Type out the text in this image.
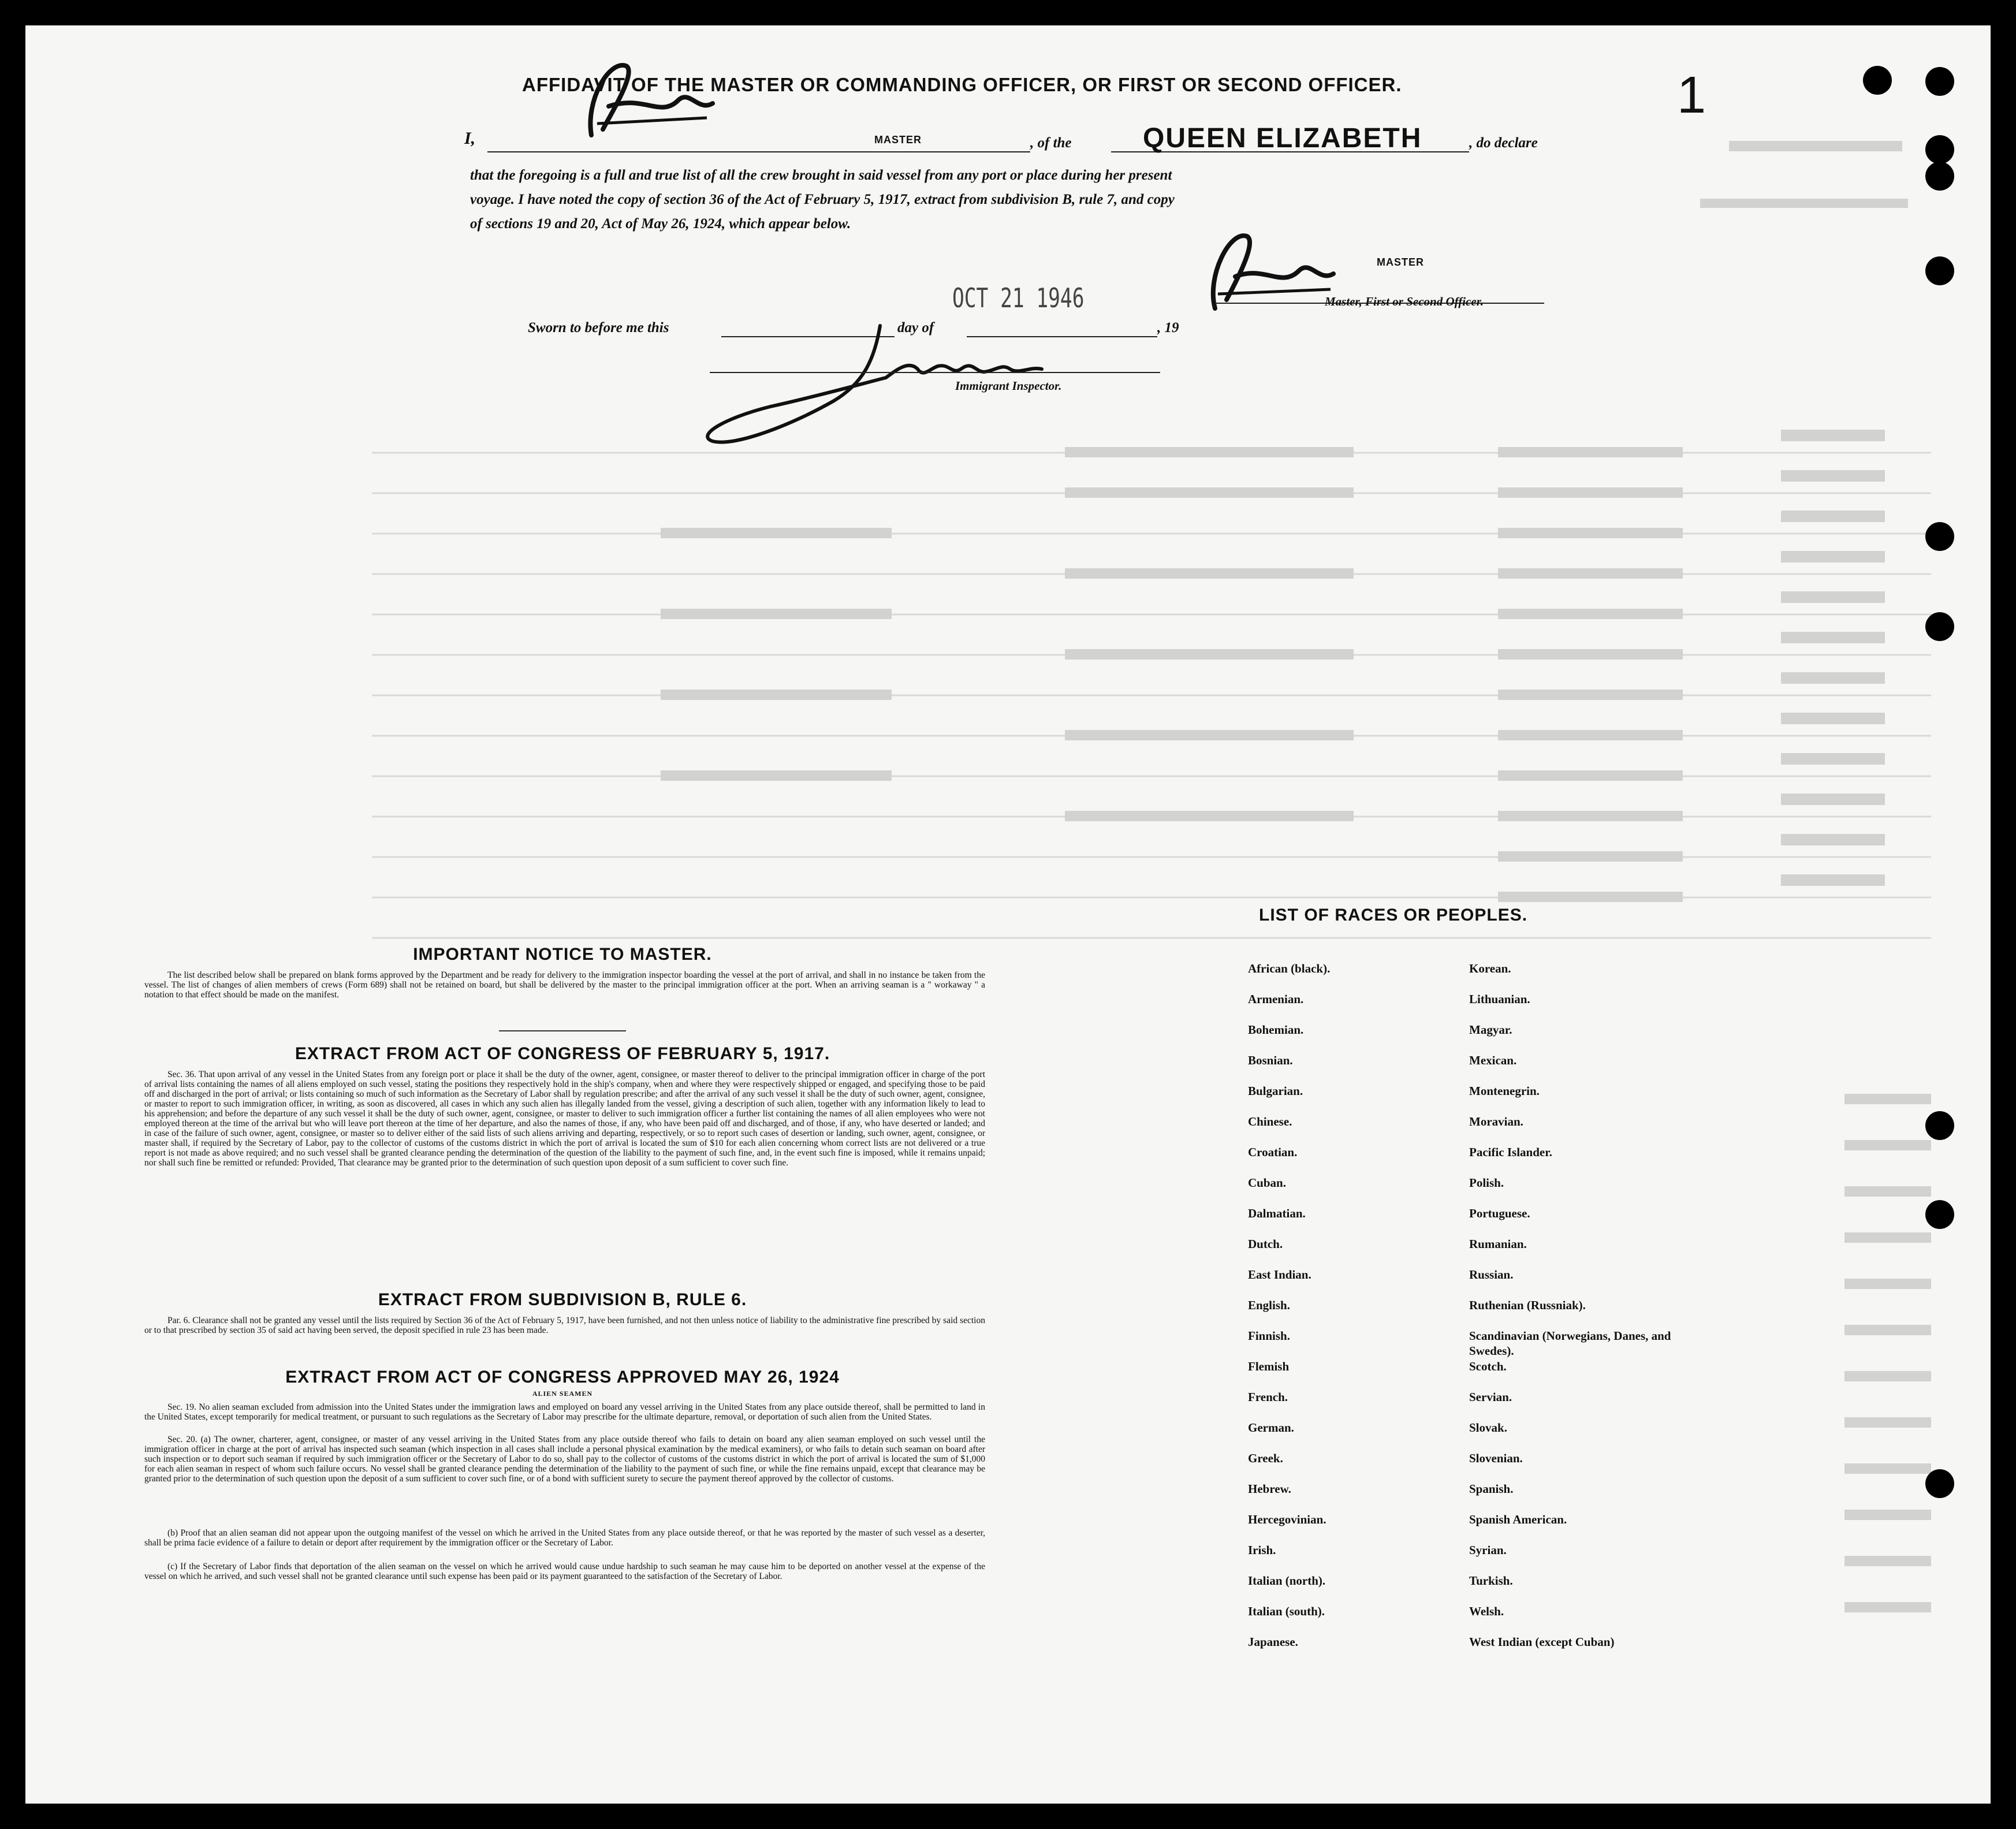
AFFIDAVIT OF THE MASTER OR COMMANDING OFFICER, OR FIRST OR SECOND OFFICER.
I,	MASTER	, of the	QUEEN ELIZABETH	, do declare
that the foregoing is a full and true list of all the crew brought in said vessel from any port or place during her present
voyage. I have noted the copy of section 36 of the Act of February 5, 1917, extract from subdivision B, rule 7, and copy
of sections 19 and 20, Act of May 26, 1924, which appear below.
MASTER
Master, First or Second Officer.
OCT 21 1946
Sworn to before me this	day of	, 19
Immigrant Inspector.
IMPORTANT NOTICE TO MASTER.
The list described below shall be prepared on blank forms approved by the Department and be ready for delivery to the immigration inspector boarding the vessel at the port of arrival, and shall in no instance be taken from the vessel. The list of changes of alien members of crews (Form 689) shall not be retained on board, but shall be delivered by the master to the principal immigration officer at the port. When an arriving seaman is a " workaway " a notation to that effect should be made on the manifest.
EXTRACT FROM ACT OF CONGRESS OF FEBRUARY 5, 1917.
Sec. 36. That upon arrival of any vessel in the United States from any foreign port or place it shall be the duty of the owner, agent, consignee, or master thereof to deliver to the principal immigration officer in charge of the port of arrival lists containing the names of all aliens employed on such vessel, stating the positions they respectively hold in the ship's company, when and where they were respectively shipped or engaged, and specifying those to be paid off and discharged in the port of arrival; or lists containing so much of such information as the Secretary of Labor shall by regulation prescribe; and after the arrival of any such vessel it shall be the duty of such owner, agent, consignee, or master to report to such immigration officer, in writing, as soon as discovered, all cases in which any such alien has illegally landed from the vessel, giving a description of such alien, together with any information likely to lead to his apprehension; and before the departure of any such vessel it shall be the duty of such owner, agent, consignee, or master to deliver to such immigration officer a further list containing the names of all alien employees who were not employed thereon at the time of the arrival but who will leave port thereon at the time of her departure, and also the names of those, if any, who have been paid off and discharged, and of those, if any, who have deserted or landed; and in case of the failure of such owner, agent, consignee, or master so to deliver either of the said lists of such aliens arriving and departing, respectively, or so to report such cases of desertion or landing, such owner, agent, consignee, or master shall, if required by the Secretary of Labor, pay to the collector of customs of the customs district in which the port of arrival is located the sum of $10 for each alien concerning whom correct lists are not delivered or a true report is not made as above required; and no such vessel shall be granted clearance pending the determination of the question of the liability to the payment of such fine, and, in the event such fine is imposed, while it remains unpaid; nor shall such fine be remitted or refunded: Provided, That clearance may be granted prior to the determination of such question upon deposit of a sum sufficient to cover such fine.
EXTRACT FROM SUBDIVISION B, RULE 6.
Par. 6. Clearance shall not be granted any vessel until the lists required by Section 36 of the Act of February 5, 1917, have been furnished, and not then unless notice of liability to the administrative fine prescribed by said section or to that prescribed by section 35 of said act having been served, the deposit specified in rule 23 has been made.
EXTRACT FROM ACT OF CONGRESS APPROVED MAY 26, 1924
ALIEN SEAMEN
Sec. 19. No alien seaman excluded from admission into the United States under the immigration laws and employed on board any vessel arriving in the United States from any place outside thereof, shall be permitted to land in the United States, except temporarily for medical treatment, or pursuant to such regulations as the Secretary of Labor may prescribe for the ultimate departure, removal, or deportation of such alien from the United States.
Sec. 20. (a) The owner, charterer, agent, consignee, or master of any vessel arriving in the United States from any place outside thereof who fails to detain on board any alien seaman employed on such vessel until the immigration officer in charge at the port of arrival has inspected such seaman (which inspection in all cases shall include a personal physical examination by the medical examiners), or who fails to detain such seaman on board after such inspection or to deport such seaman if required by such immigration officer or the Secretary of Labor to do so, shall pay to the collector of customs of the customs district in which the port of arrival is located the sum of $1,000 for each alien seaman in respect of whom such failure occurs. No vessel shall be granted clearance pending the determination of the liability to the payment of such fine, or while the fine remains unpaid, except that clearance may be granted prior to the determination of such question upon the deposit of a sum sufficient to cover such fine, or of a bond with sufficient surety to secure the payment thereof approved by the collector of customs.
(b) Proof that an alien seaman did not appear upon the outgoing manifest of the vessel on which he arrived in the United States from any place outside thereof, or that he was reported by the master of such vessel as a deserter, shall be prima facie evidence of a failure to detain or deport after requirement by the immigration officer or the Secretary of Labor.
(c) If the Secretary of Labor finds that deportation of the alien seaman on the vessel on which he arrived would cause undue hardship to such seaman he may cause him to be deported on another vessel at the expense of the vessel on which he arrived, and such vessel shall not be granted clearance until such expense has been paid or its payment guaranteed to the satisfaction of the Secretary of Labor.
LIST OF RACES OR PEOPLES.
African (black).
Armenian.
Bohemian.
Bosnian.
Bulgarian.
Chinese.
Croatian.
Cuban.
Dalmatian.
Dutch.
East Indian.
English.
Finnish.
Flemish
French.
German.
Greek.
Hebrew.
Hercegovinian.
Irish.
Italian (north).
Italian (south).
Japanese.
Korean.
Lithuanian.
Magyar.
Mexican.
Montenegrin.
Moravian.
Pacific Islander.
Polish.
Portuguese.
Rumanian.
Russian.
Ruthenian (Russniak).
Scandinavian (Norwegians, Danes, and Swedes).
Scotch.
Servian.
Slovak.
Slovenian.
Spanish.
Spanish American.
Syrian.
Turkish.
Welsh.
West Indian (except Cuban)
1
